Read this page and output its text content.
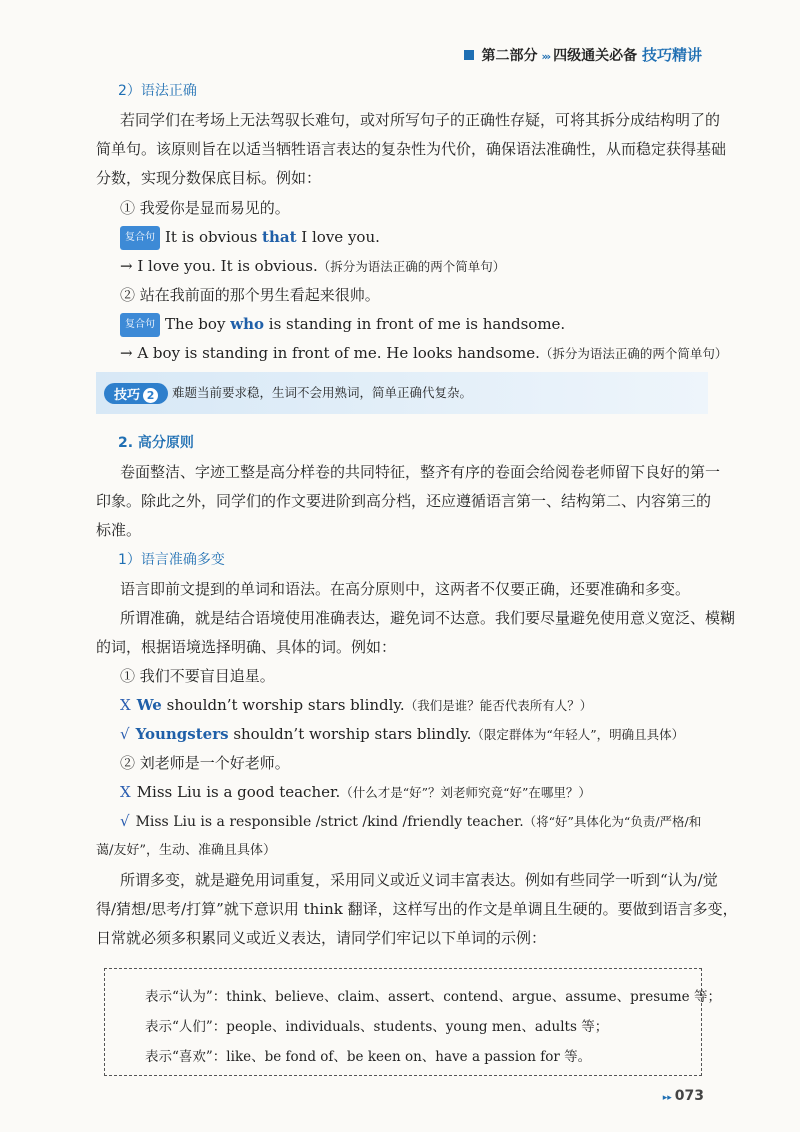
第二部分 ››› 四级通关必备 技巧精讲
2）语法正确
若同学们在考场上无法驾驭长难句，或对所写句子的正确性存疑，可将其拆分成结构明了的
简单句。该原则旨在以适当牺牲语言表达的复杂性为代价，确保语法准确性，从而稳定获得基础
分数，实现分数保底目标。例如：
① 我爱你是显而易见的。
复合句 It is obvious that I love you.
→ I love you. It is obvious.（拆分为语法正确的两个简单句）
② 站在我前面的那个男生看起来很帅。
复合句 The boy who is standing in front of me is handsome.
→ A boy is standing in front of me. He looks handsome.（拆分为语法正确的两个简单句）
技巧 2	难题当前要求稳，生词不会用熟词，简单正确代复杂。
2. 高分原则
卷面整洁、字迹工整是高分样卷的共同特征，整齐有序的卷面会给阅卷老师留下良好的第一
印象。除此之外，同学们的作文要进阶到高分档，还应遵循语言第一、结构第二、内容第三的
标准。
1）语言准确多变
语言即前文提到的单词和语法。在高分原则中，这两者不仅要正确，还要准确和多变。
所谓准确，就是结合语境使用准确表达，避免词不达意。我们要尽量避免使用意义宽泛、模糊
的词，根据语境选择明确、具体的词。例如：
① 我们不要盲目追星。
X We shouldn’t worship stars blindly.（我们是谁？能否代表所有人？）
√ Youngsters shouldn’t worship stars blindly.（限定群体为“年轻人”，明确且具体）
② 刘老师是一个好老师。
X Miss Liu is a good teacher.（什么才是“好”？刘老师究竟“好”在哪里？）
√ Miss Liu is a responsible /strict /kind /friendly teacher.（将“好”具体化为“负责/严格/和
蔼/友好”，生动、准确且具体）
所谓多变，就是避免用词重复，采用同义或近义词丰富表达。例如有些同学一听到“认为/觉
得/猜想/思考/打算”就下意识用 think 翻译，这样写出的作文是单调且生硬的。要做到语言多变，
日常就必须多积累同义或近义表达，请同学们牢记以下单词的示例：
表示“认为”：think、believe、claim、assert、contend、argue、assume、presume 等；
表示“人们”：people、individuals、students、young men、adults 等；
表示“喜欢”：like、be fond of、be keen on、have a passion for 等。
▸▸ 073
